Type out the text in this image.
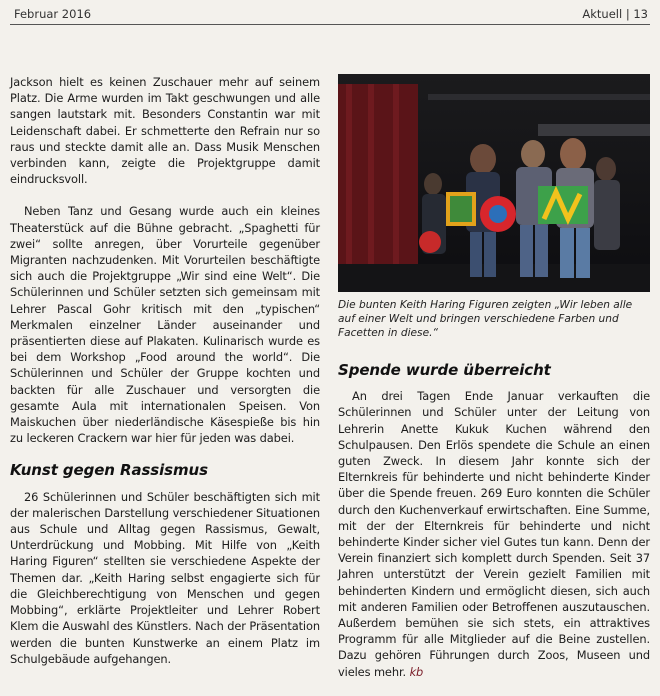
Februar 2016	Aktuell | 13

Jackson hielt es keinen Zuschauer mehr auf seinem Platz. Die Arme wurden im Takt geschwungen und alle sangen lautstark mit. Besonders Constantin war mit Leidenschaft dabei. Er schmetterte den Refrain nur so raus und steckte damit alle an. Dass Musik Menschen verbinden kann, zeigte die Projektgruppe damit eindrucksvoll.

Neben Tanz und Gesang wurde auch ein kleines Theaterstück auf die Bühne gebracht. „Spaghetti für zwei“ sollte anregen, über Vorurteile gegenüber Migranten nachzudenken. Mit Vorurteilen beschäftigte sich auch die Projektgruppe „Wir sind eine Welt“. Die Schülerinnen und Schüler setzten sich gemeinsam mit Lehrer Pascal Gohr kritisch mit den „typischen“ Merkmalen einzelner Länder auseinander und präsentierten diese auf Plakaten. Kulinarisch wurde es bei dem Workshop „Food around the world“. Die Schülerinnen und Schüler der Gruppe kochten und backten für alle Zuschauer und versorgten die gesamte Aula mit internationalen Speisen. Von Maiskuchen über niederländische Käsespieße bis hin zu leckeren Crackern war hier für jeden was dabei.

Kunst gegen Rassismus

26 Schülerinnen und Schüler beschäftigten sich mit der malerischen Darstellung verschiedener Situationen aus Schule und Alltag gegen Rassismus, Gewalt, Unterdrückung und Mobbing. Mit Hilfe von „Keith Haring Figuren“ stellten sie verschiedene Aspekte der Themen dar. „Keith Haring selbst engagierte sich für die Gleichberechtigung von Menschen und gegen Mobbing“, erklärte Projektleiter und Lehrer Robert Klem die Auswahl des Künstlers. Nach der Präsentation werden die bunten Kunstwerke an einem Platz im Schulgebäude aufgehangen.

Die bunten Keith Haring Figuren zeigten „Wir leben alle auf einer Welt und bringen verschiedene Farben und Facetten in diese.“
Spende wurde überreicht

An drei Tagen Ende Januar verkauften die Schülerinnen und Schüler unter der Leitung von Lehrerin Anette Kukuk Kuchen während den Schulpausen. Den Erlös spendete die Schule an einen guten Zweck. In diesem Jahr konnte sich der Elternkreis für behinderte und nicht behinderte Kinder über die Spende freuen. 269 Euro konnten die Schüler durch den Kuchenverkauf erwirtschaften. Eine Summe, mit der der Elternkreis für behinderte und nicht behinderte Kinder sicher viel Gutes tun kann. Denn der Verein finanziert sich komplett durch Spenden. Seit 37 Jahren unterstützt der Verein gezielt Familien mit behinderten Kindern und ermöglicht diesen, sich auch mit anderen Familien oder Betroffenen auszutauschen. Außerdem bemühen sie sich stets, ein attraktives Programm für alle Mitglieder auf die Beine zustellen. Dazu gehören Führungen durch Zoos, Museen und vieles mehr. kb
